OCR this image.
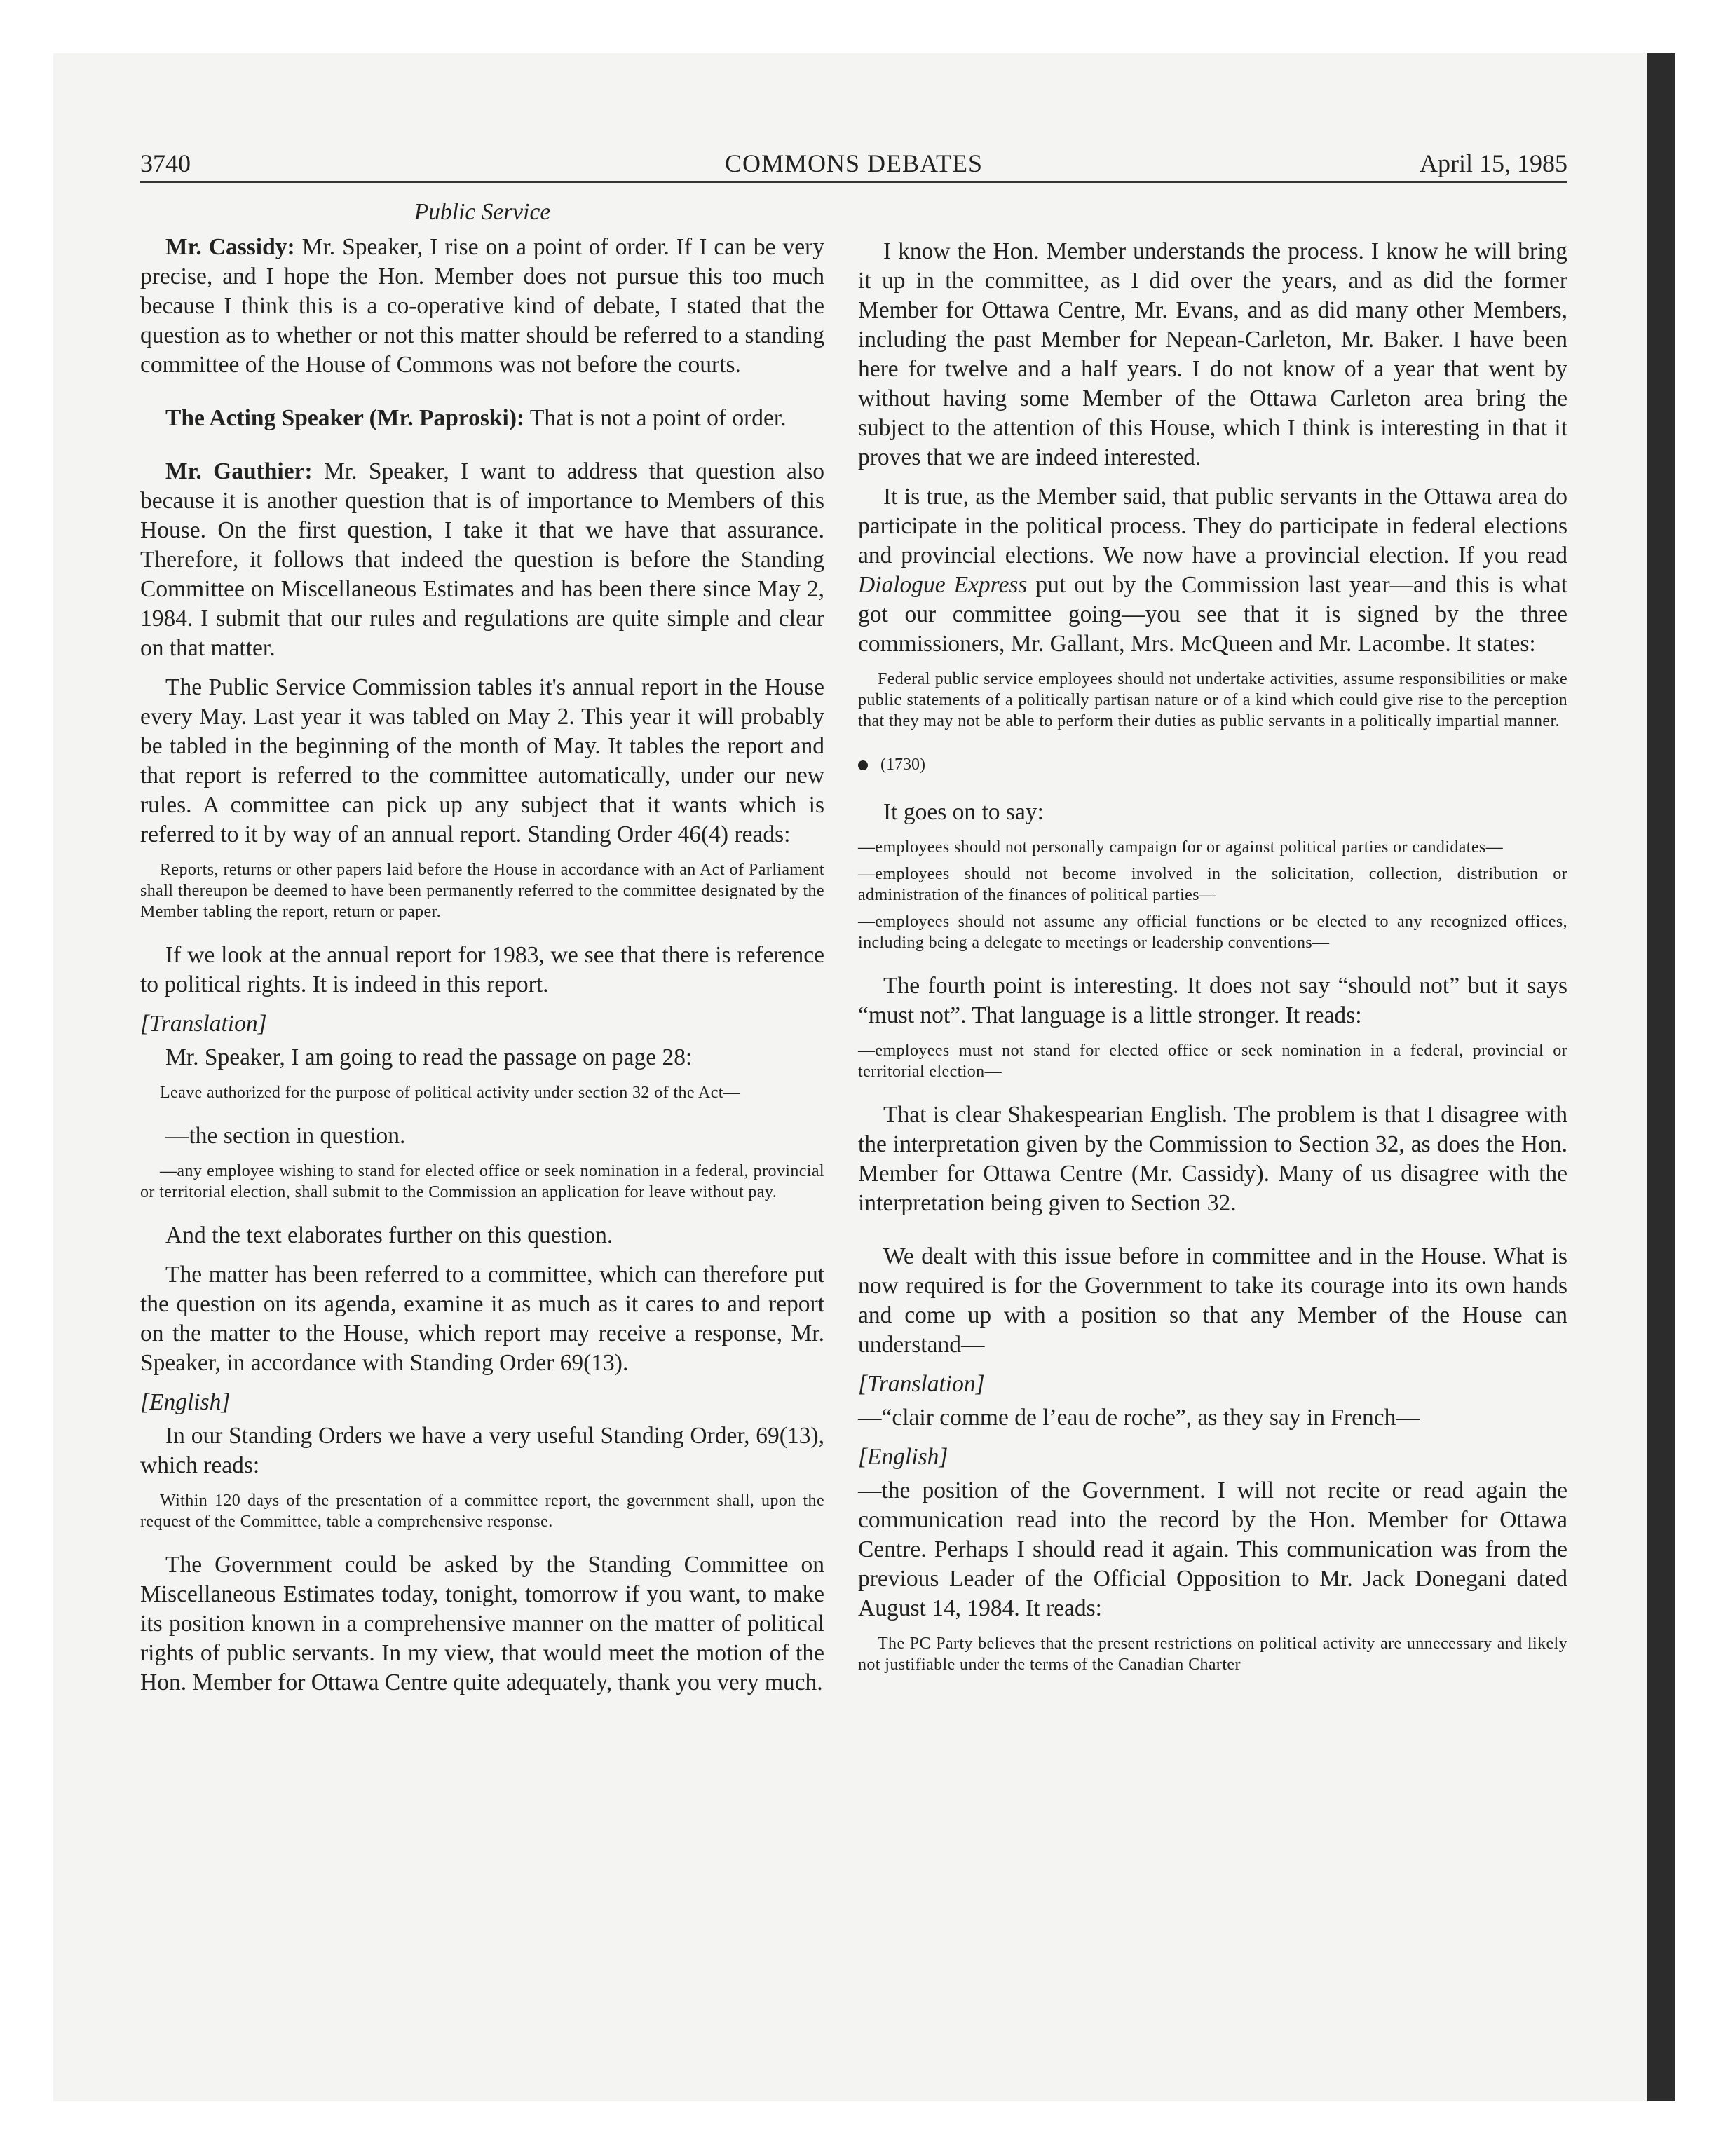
3740	COMMONS DEBATES	April 15, 1985

Public Service

Mr. Cassidy: Mr. Speaker, I rise on a point of order. If I can be very precise, and I hope the Hon. Member does not pursue this too much because I think this is a co-operative kind of debate, I stated that the question as to whether or not this matter should be referred to a standing committee of the House of Commons was not before the courts.

The Acting Speaker (Mr. Paproski): That is not a point of order.

Mr. Gauthier: Mr. Speaker, I want to address that question also because it is another question that is of importance to Members of this House. On the first question, I take it that we have that assurance. Therefore, it follows that indeed the question is before the Standing Committee on Miscellaneous Estimates and has been there since May 2, 1984. I submit that our rules and regulations are quite simple and clear on that matter.

The Public Service Commission tables it's annual report in the House every May. Last year it was tabled on May 2. This year it will probably be tabled in the beginning of the month of May. It tables the report and that report is referred to the committee automatically, under our new rules. A committee can pick up any subject that it wants which is referred to it by way of an annual report. Standing Order 46(4) reads:

Reports, returns or other papers laid before the House in accordance with an Act of Parliament shall thereupon be deemed to have been permanently referred to the committee designated by the Member tabling the report, return or paper.

If we look at the annual report for 1983, we see that there is reference to political rights. It is indeed in this report.

[Translation]

Mr. Speaker, I am going to read the passage on page 28:

Leave authorized for the purpose of political activity under section 32 of the Act—

—the section in question.

—any employee wishing to stand for elected office or seek nomination in a federal, provincial or territorial election, shall submit to the Commission an application for leave without pay.

And the text elaborates further on this question.

The matter has been referred to a committee, which can therefore put the question on its agenda, examine it as much as it cares to and report on the matter to the House, which report may receive a response, Mr. Speaker, in accordance with Standing Order 69(13).

[English]

In our Standing Orders we have a very useful Standing Order, 69(13), which reads:

Within 120 days of the presentation of a committee report, the government shall, upon the request of the Committee, table a comprehensive response.

The Government could be asked by the Standing Committee on Miscellaneous Estimates today, tonight, tomorrow if you want, to make its position known in a comprehensive manner on the matter of political rights of public servants. In my view, that would meet the motion of the Hon. Member for Ottawa Centre quite adequately, thank you very much.

I know the Hon. Member understands the process. I know he will bring it up in the committee, as I did over the years, and as did the former Member for Ottawa Centre, Mr. Evans, and as did many other Members, including the past Member for Nepean-Carleton, Mr. Baker. I have been here for twelve and a half years. I do not know of a year that went by without having some Member of the Ottawa Carleton area bring the subject to the attention of this House, which I think is interesting in that it proves that we are indeed interested.

It is true, as the Member said, that public servants in the Ottawa area do participate in the political process. They do participate in federal elections and provincial elections. We now have a provincial election. If you read Dialogue Express put out by the Commission last year—and this is what got our committee going—you see that it is signed by the three commissioners, Mr. Gallant, Mrs. McQueen and Mr. Lacombe. It states:

Federal public service employees should not undertake activities, assume responsibilities or make public statements of a politically partisan nature or of a kind which could give rise to the perception that they may not be able to perform their duties as public servants in a politically impartial manner.

(1730)

It goes on to say:

—employees should not personally campaign for or against political parties or candidates—

—employees should not become involved in the solicitation, collection, distribution or administration of the finances of political parties—

—employees should not assume any official functions or be elected to any recognized offices, including being a delegate to meetings or leadership conventions—

The fourth point is interesting. It does not say “should not” but it says “must not”. That language is a little stronger. It reads:

—employees must not stand for elected office or seek nomination in a federal, provincial or territorial election—

That is clear Shakespearian English. The problem is that I disagree with the interpretation given by the Commission to Section 32, as does the Hon. Member for Ottawa Centre (Mr. Cassidy). Many of us disagree with the interpretation being given to Section 32.

We dealt with this issue before in committee and in the House. What is now required is for the Government to take its courage into its own hands and come up with a position so that any Member of the House can understand—

[Translation]

—“clair comme de l’eau de roche”, as they say in French—

[English]

—the position of the Government. I will not recite or read again the communication read into the record by the Hon. Member for Ottawa Centre. Perhaps I should read it again. This communication was from the previous Leader of the Official Opposition to Mr. Jack Donegani dated August 14, 1984. It reads:

The PC Party believes that the present restrictions on political activity are unnecessary and likely not justifiable under the terms of the Canadian Charter
